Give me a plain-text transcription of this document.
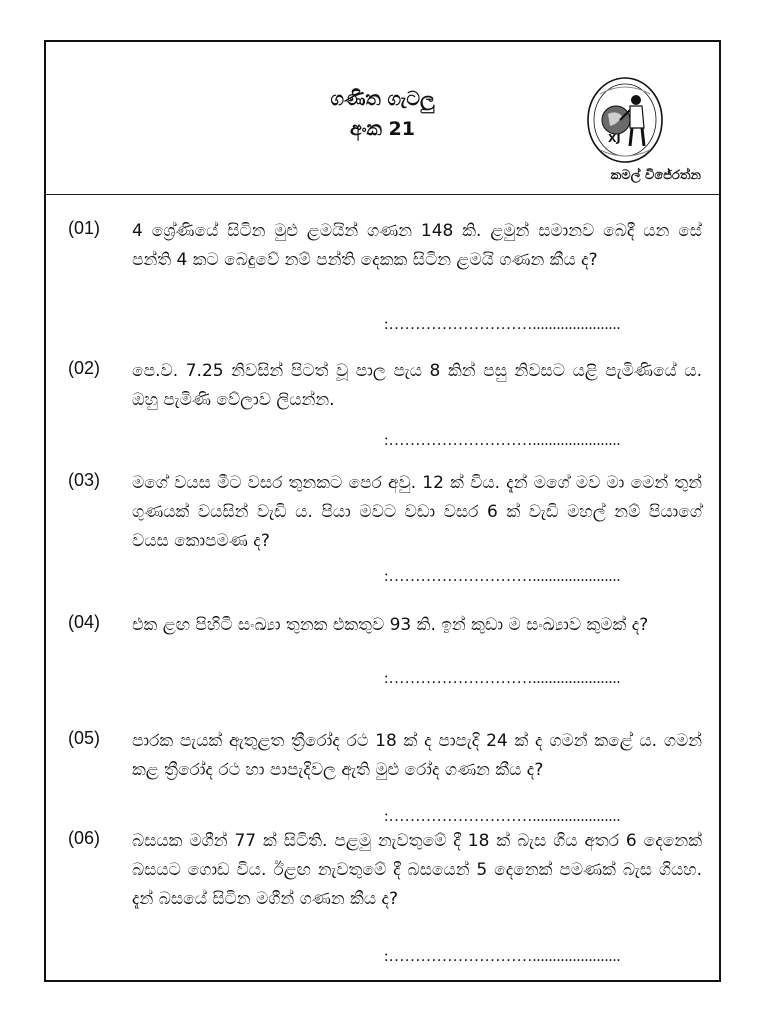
ගණිත ගැටලු
අංක 21	XJ
කමල් විජේරත්න
(01) 4 ශ්‍රේණියේ සිටින මුළු ළමයින් ගණන 148 කි. ළමුන් සමානව බෙදී යන සේ පන්ති 4 කට බෙදුවේ නම් පන්ති දෙකක සිටින ළමයි ගණන කීය ද?
:………………………......................
(02) පෙ.ව. 7.25 නිවසින් පිටත් වූ පාල පැය 8 කින් පසු නිවසට යළි පැමිණියේ ය. ඔහු පැමිණි වේලාව ලියන්න.
:………………………......................
(03) මගේ වයස මීට වසර තුනකට පෙර අවු. 12 ක් විය. දැන් මගේ මව මා මෙන් තුන් ගුණයක් වයසින් වැඩි ය. පියා මවට වඩා වසර 6 ක් වැඩි මහල් නම් පියාගේ වයස කොපමණ ද?
:………………………......................
(04) එක ළඟ පිහිටි සංඛ්‍යා තුනක එකතුව 93 කි. ඉන් කුඩා ම සංඛ්‍යාව කුමක් ද?
:………………………......................
(05) පාරක පැයක් ඇතුළත ත්‍රීරෝද රථ 18 ක් ද පාපැදි 24 ක් ද ගමන් කළේ ය. ගමන් කළ ත්‍රීරෝද රථ හා පාපැදිවල ඇති මුළු රෝද ගණන කීය ද?
:………………………......................
(06) බසයක මගීන් 77 ක් සිටිති. පළමු නැවතුමේ දී 18 ක් බැස ගිය අතර 6 දෙනෙක් බසයට ගොඩ විය. ඊළඟ නැවතුමේ දී බසයෙන් 5 දෙනෙක් පමණක් බැස ගියහ. දැන් බසයේ සිටින මගීන් ගණන කීය ද?
:………………………......................
